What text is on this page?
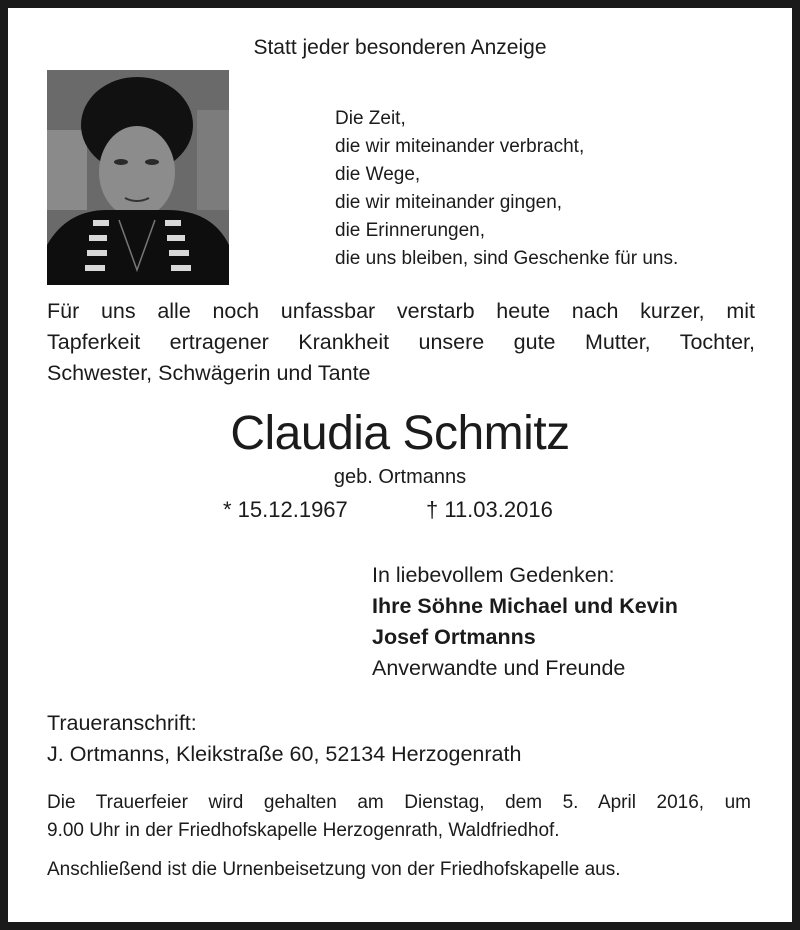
Statt jeder besonderen Anzeige
Die Zeit,
die wir miteinander verbracht,
die Wege,
die wir miteinander gingen,
die Erinnerungen,
die uns bleiben, sind Geschenke für uns.
Für uns alle noch unfassbar verstarb heute nach kurzer, mit
Tapferkeit ertragener Krankheit unsere gute Mutter, Tochter,
Schwester, Schwägerin und Tante
Claudia Schmitz
geb. Ortmanns
* 15.12.1967	† 11.03.2016
In liebevollem Gedenken:
Ihre Söhne Michael und Kevin
Josef Ortmanns
Anverwandte und Freunde
Traueranschrift:
J. Ortmanns, Kleikstraße 60, 52134 Herzogenrath
Die Trauerfeier wird gehalten am Dienstag, dem 5. April 2016, um
9.00 Uhr in der Friedhofskapelle Herzogenrath, Waldfriedhof.
Anschließend ist die Urnenbeisetzung von der Friedhofskapelle aus.
